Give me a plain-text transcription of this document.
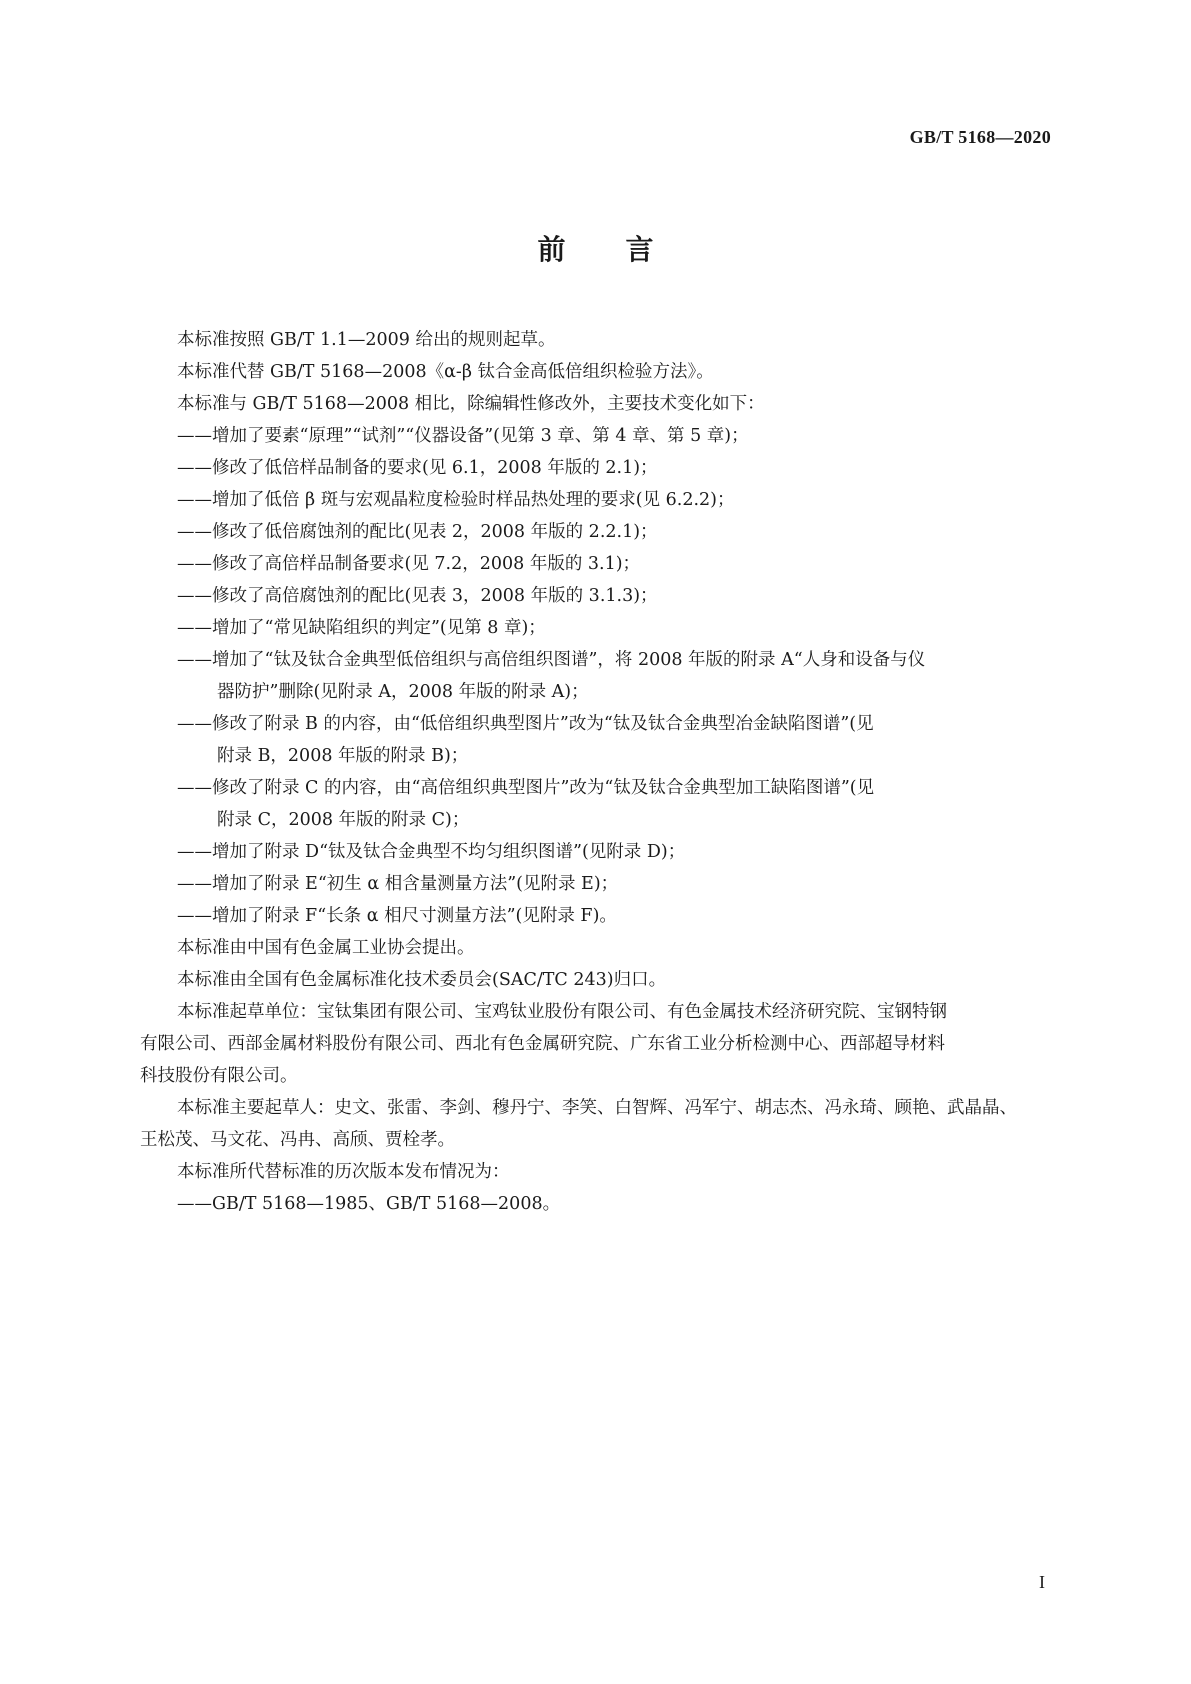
GB/T 5168—2020
前 言
本标准按照 GB/T 1.1—2009 给出的规则起草。
本标准代替 GB/T 5168—2008《α-β 钛合金高低倍组织检验方法》。
本标准与 GB/T 5168—2008 相比，除编辑性修改外，主要技术变化如下：
——增加了要素“原理”“试剂”“仪器设备”(见第 3 章、第 4 章、第 5 章)；
——修改了低倍样品制备的要求(见 6.1，2008 年版的 2.1)；
——增加了低倍 β 斑与宏观晶粒度检验时样品热处理的要求(见 6.2.2)；
——修改了低倍腐蚀剂的配比(见表 2，2008 年版的 2.2.1)；
——修改了高倍样品制备要求(见 7.2，2008 年版的 3.1)；
——修改了高倍腐蚀剂的配比(见表 3，2008 年版的 3.1.3)；
——增加了“常见缺陷组织的判定”(见第 8 章)；
——增加了“钛及钛合金典型低倍组织与高倍组织图谱”，将 2008 年版的附录 A“人身和设备与仪
器防护”删除(见附录 A，2008 年版的附录 A)；
——修改了附录 B 的内容，由“低倍组织典型图片”改为“钛及钛合金典型冶金缺陷图谱”(见
附录 B，2008 年版的附录 B)；
——修改了附录 C 的内容，由“高倍组织典型图片”改为“钛及钛合金典型加工缺陷图谱”(见
附录 C，2008 年版的附录 C)；
——增加了附录 D“钛及钛合金典型不均匀组织图谱”(见附录 D)；
——增加了附录 E“初生 α 相含量测量方法”(见附录 E)；
——增加了附录 F“长条 α 相尺寸测量方法”(见附录 F)。
本标准由中国有色金属工业协会提出。
本标准由全国有色金属标准化技术委员会(SAC/TC 243)归口。
本标准起草单位：宝钛集团有限公司、宝鸡钛业股份有限公司、有色金属技术经济研究院、宝钢特钢
有限公司、西部金属材料股份有限公司、西北有色金属研究院、广东省工业分析检测中心、西部超导材料
科技股份有限公司。
本标准主要起草人：史文、张雷、李剑、穆丹宁、李笑、白智辉、冯军宁、胡志杰、冯永琦、顾艳、武晶晶、
王松茂、马文花、冯冉、高颀、贾栓孝。
本标准所代替标准的历次版本发布情况为：
——GB/T 5168—1985、GB/T 5168—2008。
I
